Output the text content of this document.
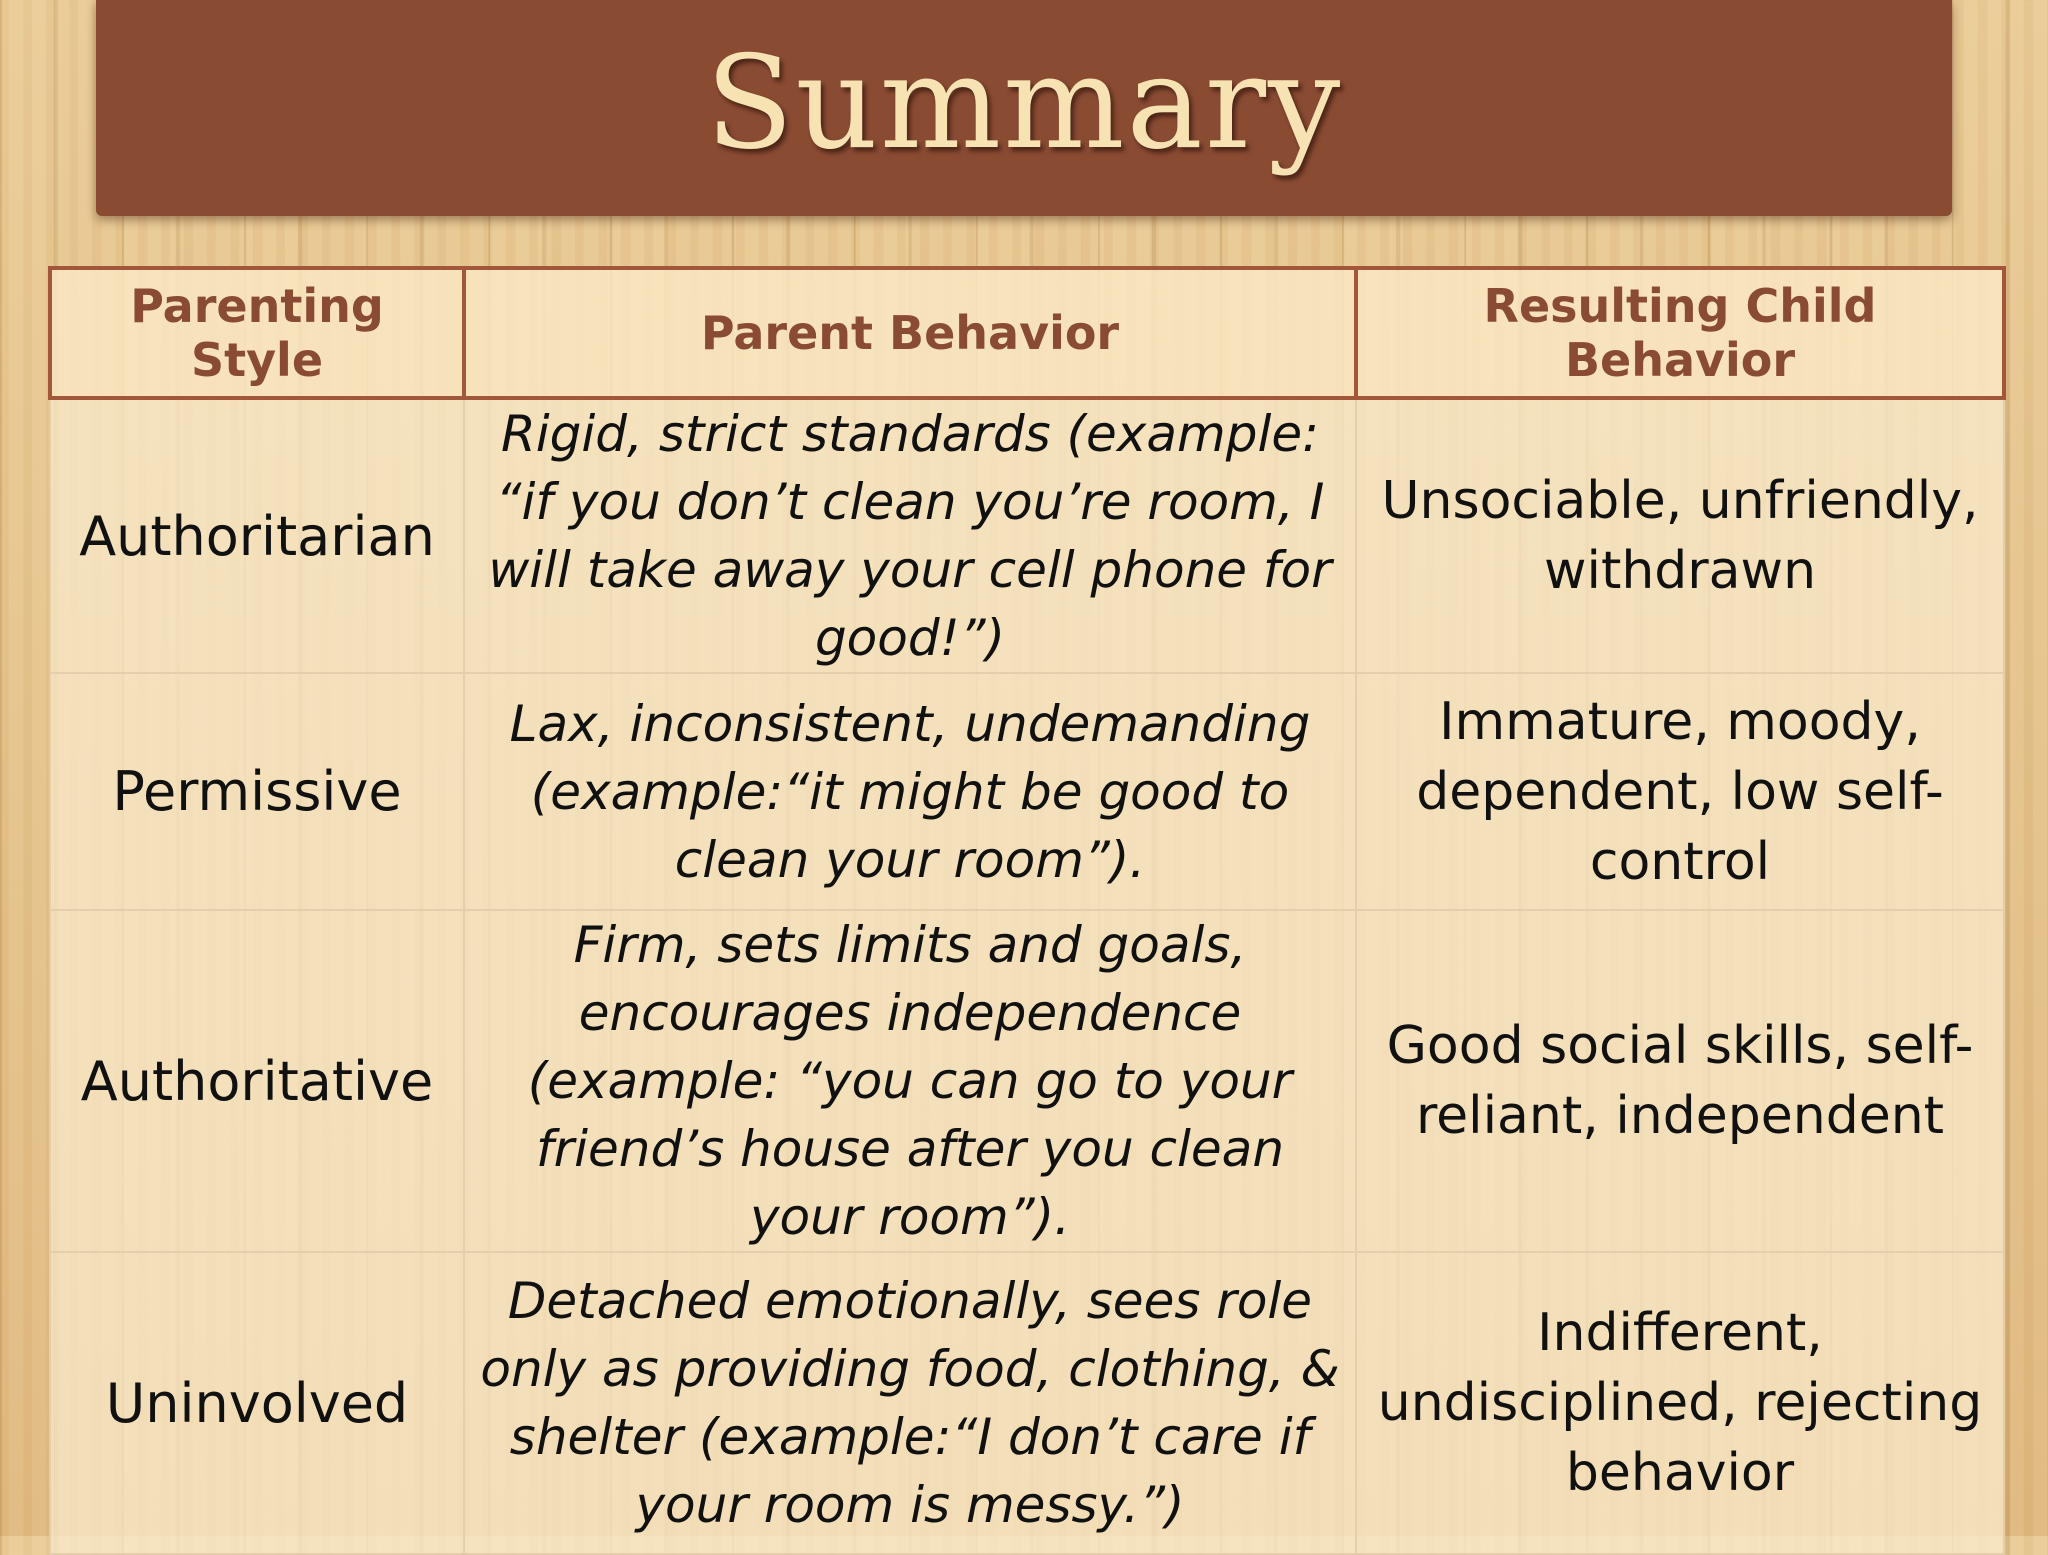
Summary
Parenting Style	Parent Behavior	Resulting Child Behavior
Authoritarian	Rigid, strict standards (example: “if you don’t clean you’re room, I will take away your cell phone for good!”)	Unsociable, unfriendly, withdrawn
Permissive	Lax, inconsistent, undemanding (example:“it might be good to clean your room”).	Immature, moody, dependent, low self-control
Authoritative	Firm, sets limits and goals, encourages independence (example: “you can go to your friend’s house after you clean your room”).	Good social skills, self-reliant, independent
Uninvolved	Detached emotionally, sees role only as providing food, clothing, & shelter (example:“I don’t care if your room is messy.”)	Indifferent, undisciplined, rejecting behavior
